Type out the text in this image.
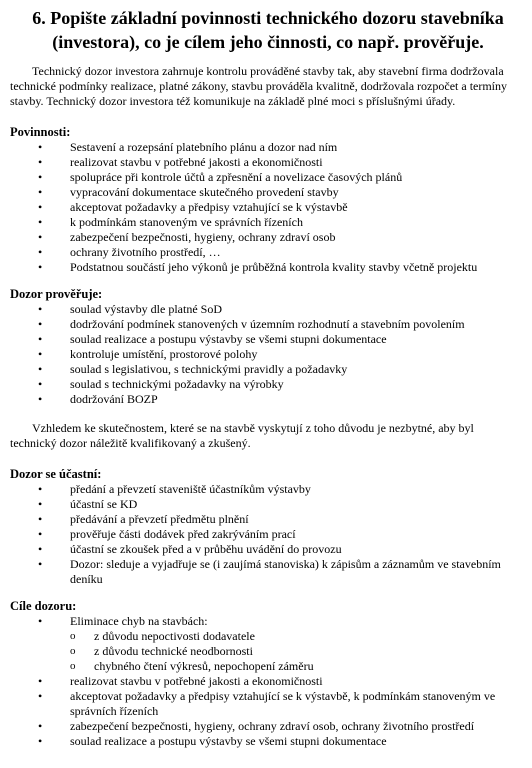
6. Popište základní povinnosti technického dozoru stavebníka
(investora), co je cílem jeho činnosti, co např. prověřuje.

Technický dozor investora zahrnuje kontrolu prováděné stavby tak, aby stavební firma dodržovala technické podmínky realizace, platné zákony, stavbu prováděla kvalitně, dodržovala rozpočet a termíny stavby. Technický dozor investora též komunikuje na základě plné moci s příslušnými úřady.

Povinnosti:
• Sestavení a rozepsání platebního plánu a dozor nad ním
• realizovat stavbu v potřebné jakosti a ekonomičnosti
• spolupráce při kontrole účtů a zpřesnění a novelizace časových plánů
• vypracování dokumentace skutečného provedení stavby
• akceptovat požadavky a předpisy vztahující se k výstavbě
• k podmínkám stanoveným ve správních řízeních
• zabezpečení bezpečnosti, hygieny, ochrany zdraví osob
• ochrany životního prostředí, …
• Podstatnou součástí jeho výkonů je průběžná kontrola kvality stavby včetně projektu
Dozor prověřuje:
• soulad výstavby dle platné SoD
• dodržování podmínek stanovených v územním rozhodnutí a stavebním povolením
• soulad realizace a postupu výstavby se všemi stupni dokumentace
• kontroluje umístění, prostorové polohy
• soulad s legislativou, s technickými pravidly a požadavky
• soulad s technickými požadavky na výrobky
• dodržování BOZP

Vzhledem ke skutečnostem, které se na stavbě vyskytují z toho důvodu je nezbytné, aby byl technický dozor náležitě kvalifikovaný a zkušený.

Dozor se účastní:
• předání a převzetí staveniště účastníkům výstavby
• účastní se KD
• předávání a převzetí předmětu plnění
• prověřuje části dodávek před zakrýváním prací
• účastní se zkoušek před a v průběhu uvádění do provozu
• Dozor: sleduje a vyjadřuje se (i zaujímá stanoviska) k zápisům a záznamům ve stavebním deníku
Cíle dozoru:
• Eliminace chyb na stavbách:
o z důvodu nepoctivosti dodavatele
o z důvodu technické neodbornosti
o chybného čtení výkresů, nepochopení záměru
• realizovat stavbu v potřebné jakosti a ekonomičnosti
• akceptovat požadavky a předpisy vztahující se k výstavbě, k podmínkám stanoveným ve správních řízeních
• zabezpečení bezpečnosti, hygieny, ochrany zdraví osob, ochrany životního prostředí
• soulad realizace a postupu výstavby se všemi stupni dokumentace
